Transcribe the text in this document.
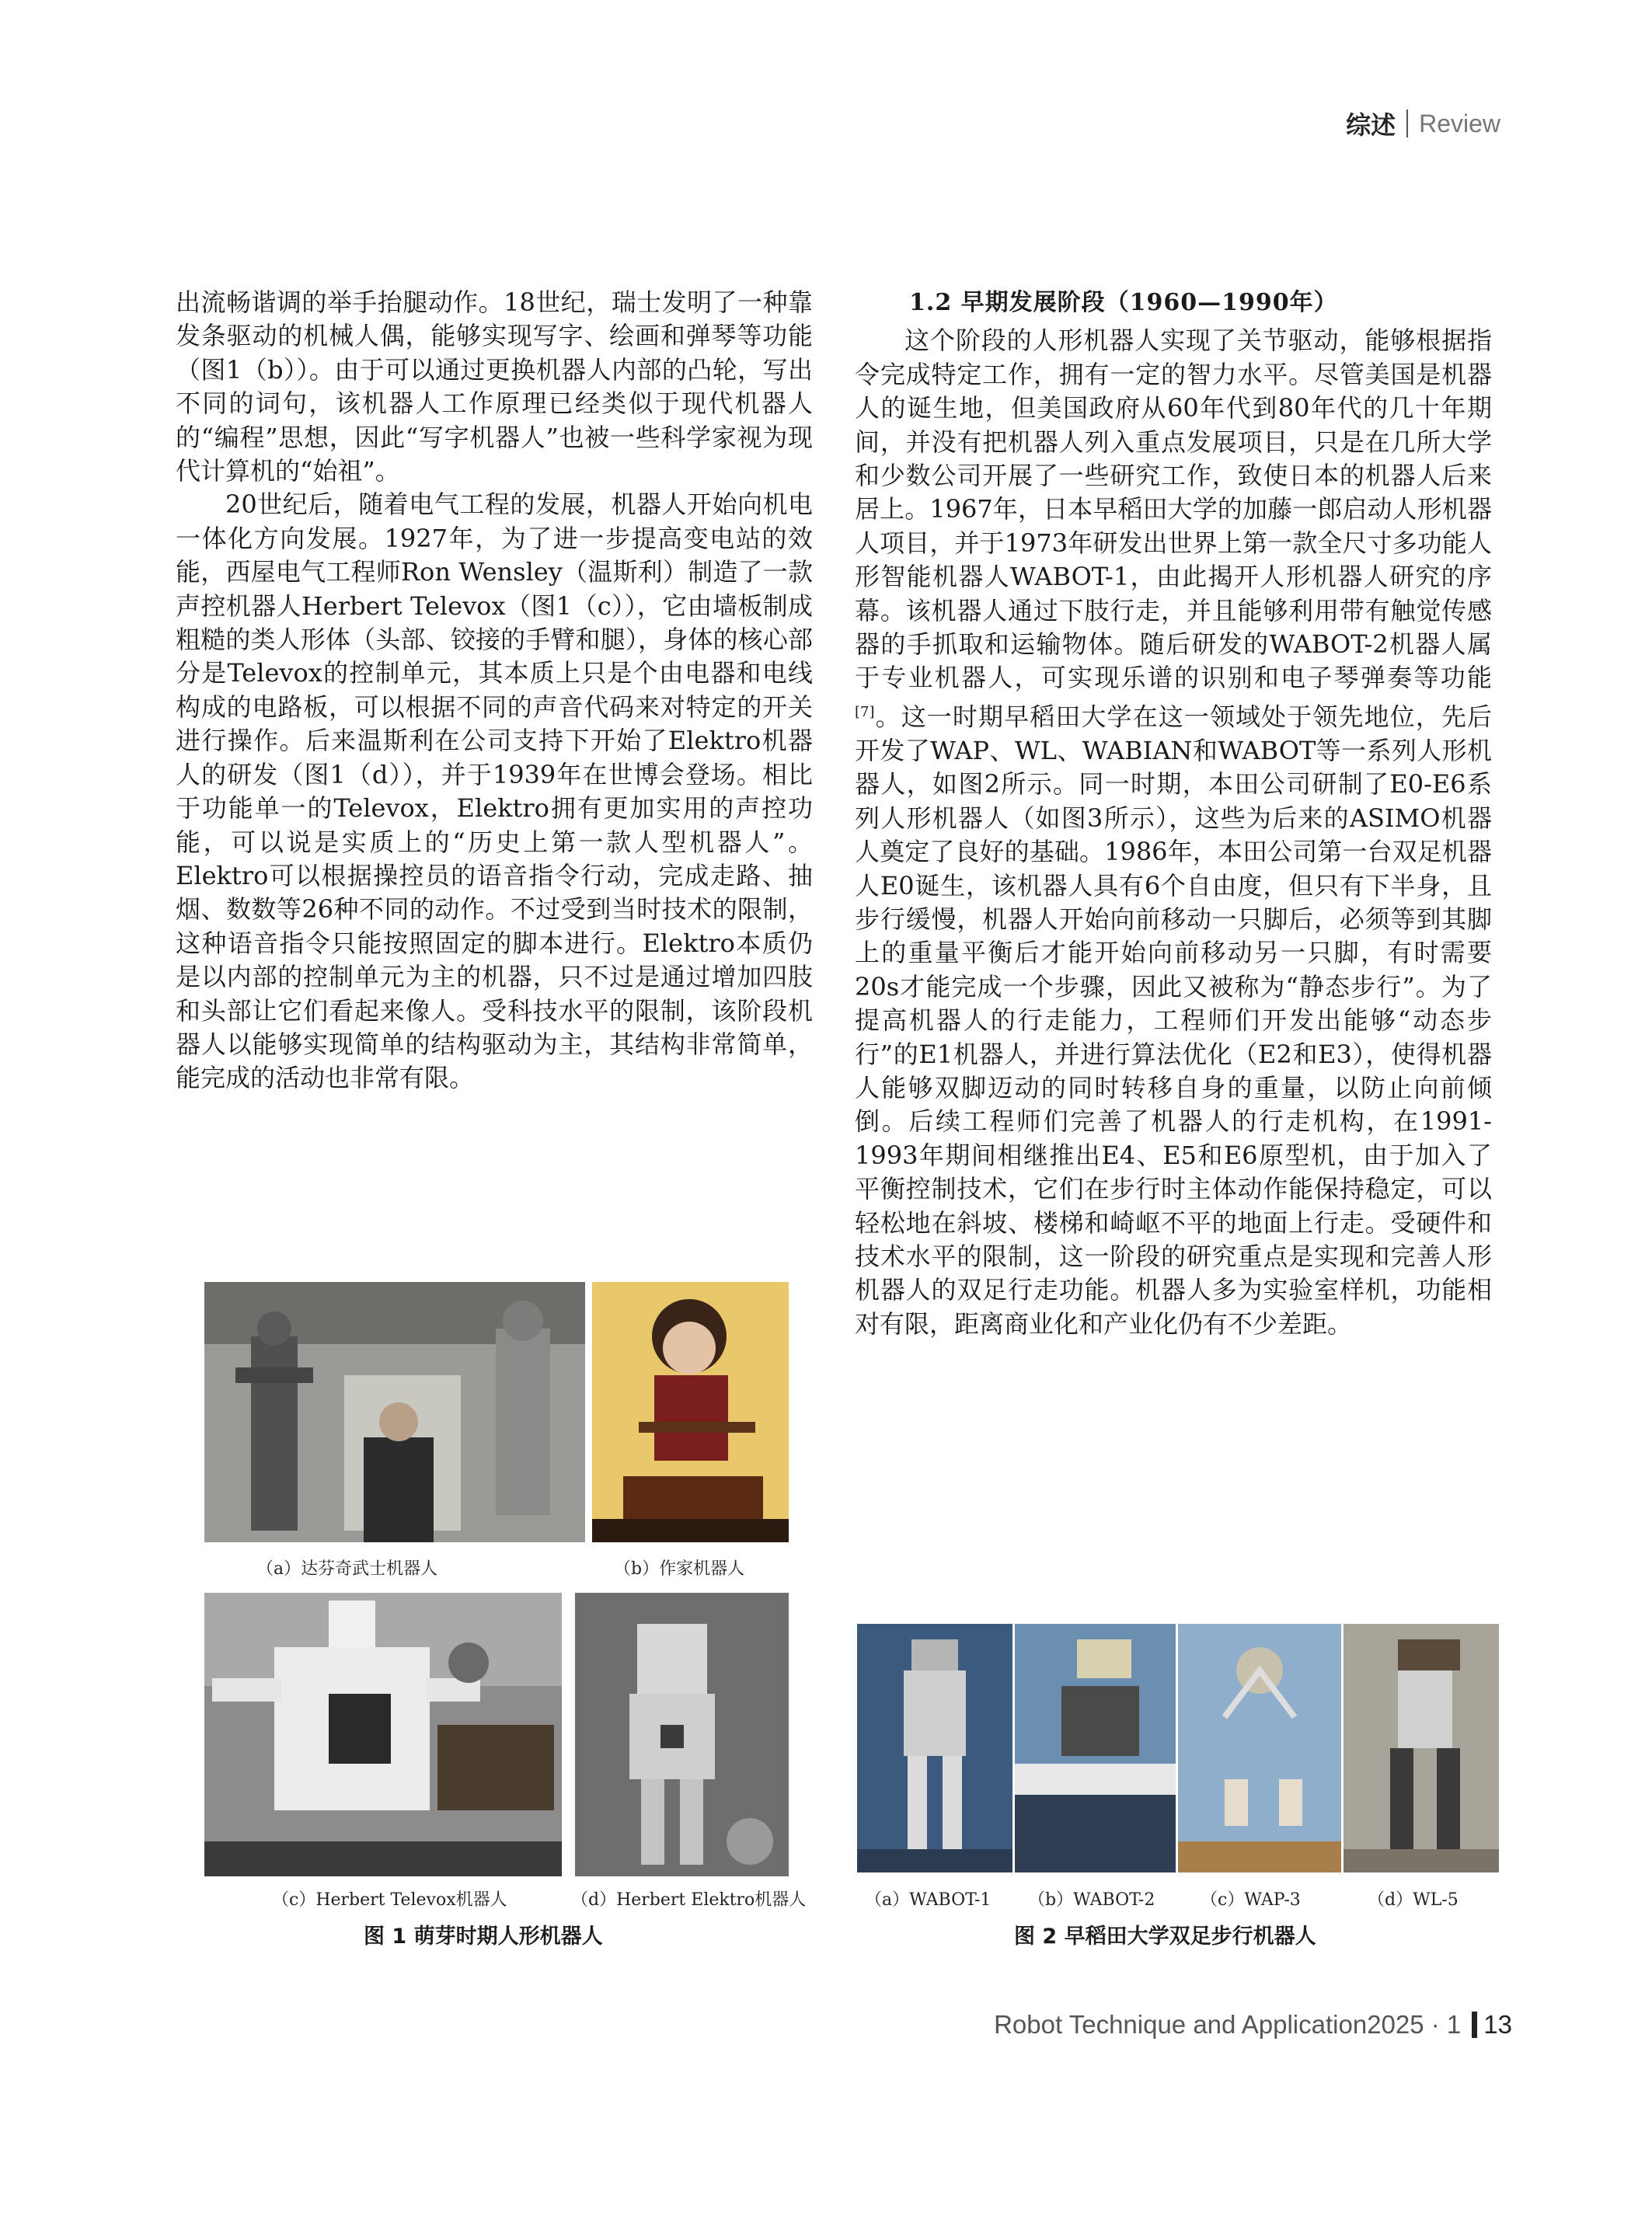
综述 Review

出流畅谐调的举手抬腿动作。18世纪，瑞士发明了一种靠发条驱动的机械人偶，能够实现写字、绘画和弹琴等功能（图1（b））。由于可以通过更换机器人内部的凸轮，写出不同的词句，该机器人工作原理已经类似于现代机器人的“编程”思想，因此“写字机器人”也被一些科学家视为现代计算机的“始祖”。

20世纪后，随着电气工程的发展，机器人开始向机电一体化方向发展。1927年，为了进一步提高变电站的效能，西屋电气工程师Ron Wensley（温斯利）制造了一款声控机器人Herbert Televox（图1（c）），它由墙板制成粗糙的类人形体（头部、铰接的手臂和腿），身体的核心部分是Televox的控制单元，其本质上只是个由电器和电线构成的电路板，可以根据不同的声音代码来对特定的开关进行操作。后来温斯利在公司支持下开始了Elektro机器人的研发（图1（d）），并于1939年在世博会登场。相比于功能单一的Televox，Elektro拥有更加实用的声控功能，可以说是实质上的“历史上第一款人型机器人”。Elektro可以根据操控员的语音指令行动，完成走路、抽烟、数数等26种不同的动作。不过受到当时技术的限制，这种语音指令只能按照固定的脚本进行。Elektro本质仍是以内部的控制单元为主的机器，只不过是通过增加四肢和头部让它们看起来像人。受科技水平的限制，该阶段机器人以能够实现简单的结构驱动为主，其结构非常简单，能完成的活动也非常有限。

1.2 早期发展阶段（1960—1990年）

这个阶段的人形机器人实现了关节驱动，能够根据指令完成特定工作，拥有一定的智力水平。尽管美国是机器人的诞生地，但美国政府从60年代到80年代的几十年期间，并没有把机器人列入重点发展项目，只是在几所大学和少数公司开展了一些研究工作，致使日本的机器人后来居上。1967年，日本早稻田大学的加藤一郎启动人形机器人项目，并于1973年研发出世界上第一款全尺寸多功能人形智能机器人WABOT-1，由此揭开人形机器人研究的序幕。该机器人通过下肢行走，并且能够利用带有触觉传感器的手抓取和运输物体。随后研发的WABOT-2机器人属于专业机器人，可实现乐谱的识别和电子琴弹奏等功能[7]。这一时期早稻田大学在这一领域处于领先地位，先后开发了WAP、WL、WABIAN和WABOT等一系列人形机器人，如图2所示。同一时期，本田公司研制了E0-E6系列人形机器人（如图3所示），这些为后来的ASIMO机器人奠定了良好的基础。1986年，本田公司第一台双足机器人E0诞生，该机器人具有6个自由度，但只有下半身，且步行缓慢，机器人开始向前移动一只脚后，必须等到其脚上的重量平衡后才能开始向前移动另一只脚，有时需要20s才能完成一个步骤，因此又被称为“静态步行”。为了提高机器人的行走能力，工程师们开发出能够“动态步行”的E1机器人，并进行算法优化（E2和E3），使得机器人能够双脚迈动的同时转移自身的重量，以防止向前倾倒。后续工程师们完善了机器人的行走机构，在1991-1993年期间相继推出E4、E5和E6原型机，由于加入了平衡控制技术，它们在步行时主体动作能保持稳定，可以轻松地在斜坡、楼梯和崎岖不平的地面上行走。受硬件和技术水平的限制，这一阶段的研究重点是实现和完善人形机器人的双足行走功能。机器人多为实验室样机，功能相对有限，距离商业化和产业化仍有不少差距。

（a）达芬奇武士机器人	（b）作家机器人
（c）Herbert Televox机器人	（d）Herbert Elektro机器人
图 1 萌芽时期人形机器人
（a）WABOT-1 （b）WABOT-2	（c）WAP-3	（d）WL-5
图 2 早稻田大学双足步行机器人
Robot Technique and Application 2025 · 1 13
